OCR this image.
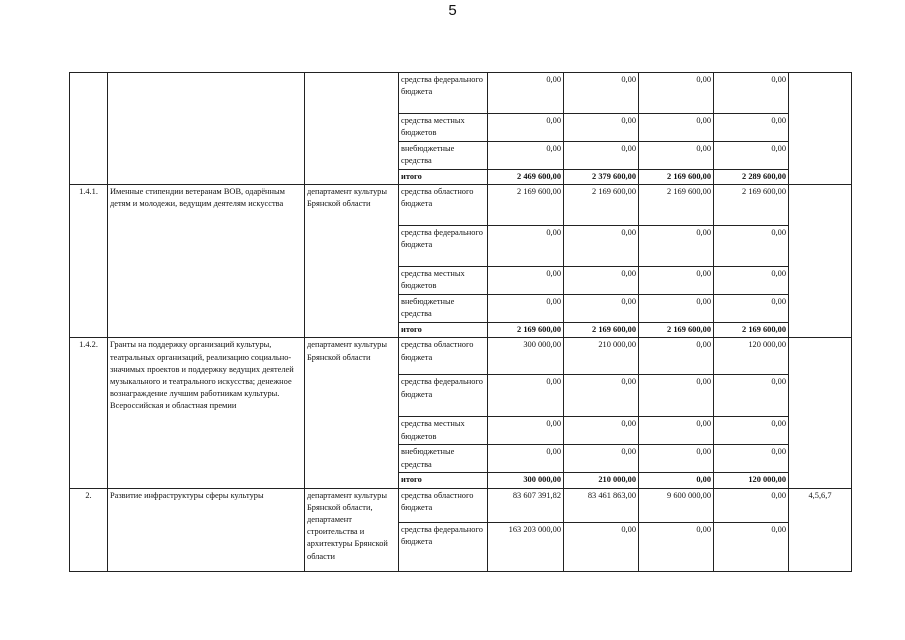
5
			средства федерального бюджета	0,00	0,00	0,00	0,00	
			средства местных бюджетов	0,00	0,00	0,00	0,00	
			внебюджетные средства	0,00	0,00	0,00	0,00	
			итого	2 469 600,00	2 379 600,00	2 169 600,00	2 289 600,00	
1.4.1.	Именные стипендии ветеранам ВОВ, одарённым детям и молодежи, ведущим деятелям искусства	департамент культуры Брянской области	средства областного бюджета	2 169 600,00	2 169 600,00	2 169 600,00	2 169 600,00	
			средства федерального бюджета	0,00	0,00	0,00	0,00	
			средства местных бюджетов	0,00	0,00	0,00	0,00	
			внебюджетные средства	0,00	0,00	0,00	0,00	
			итого	2 169 600,00	2 169 600,00	2 169 600,00	2 169 600,00	
1.4.2.	Гранты на поддержку организаций культуры, театральных организаций, реализацию социально-значимых проектов и поддержку ведущих деятелей музыкального и театрального искусства; денежное вознаграждение лучшим работникам культуры. Всероссийская и областная премии	департамент культуры Брянской области	средства областного бюджета	300 000,00	210 000,00	0,00	120 000,00	
			средства федерального бюджета	0,00	0,00	0,00	0,00	
			средства местных бюджетов	0,00	0,00	0,00	0,00	
			внебюджетные средства	0,00	0,00	0,00	0,00	
			итого	300 000,00	210 000,00	0,00	120 000,00	
2.	Развитие инфраструктуры сферы культуры	департамент культуры Брянской области, департамент строительства и архитектуры Брянской области	средства областного бюджета	83 607 391,82	83 461 863,00	9 600 000,00	0,00	4,5,6,7
			средства федерального бюджета	163 203 000,00	0,00	0,00	0,00	
